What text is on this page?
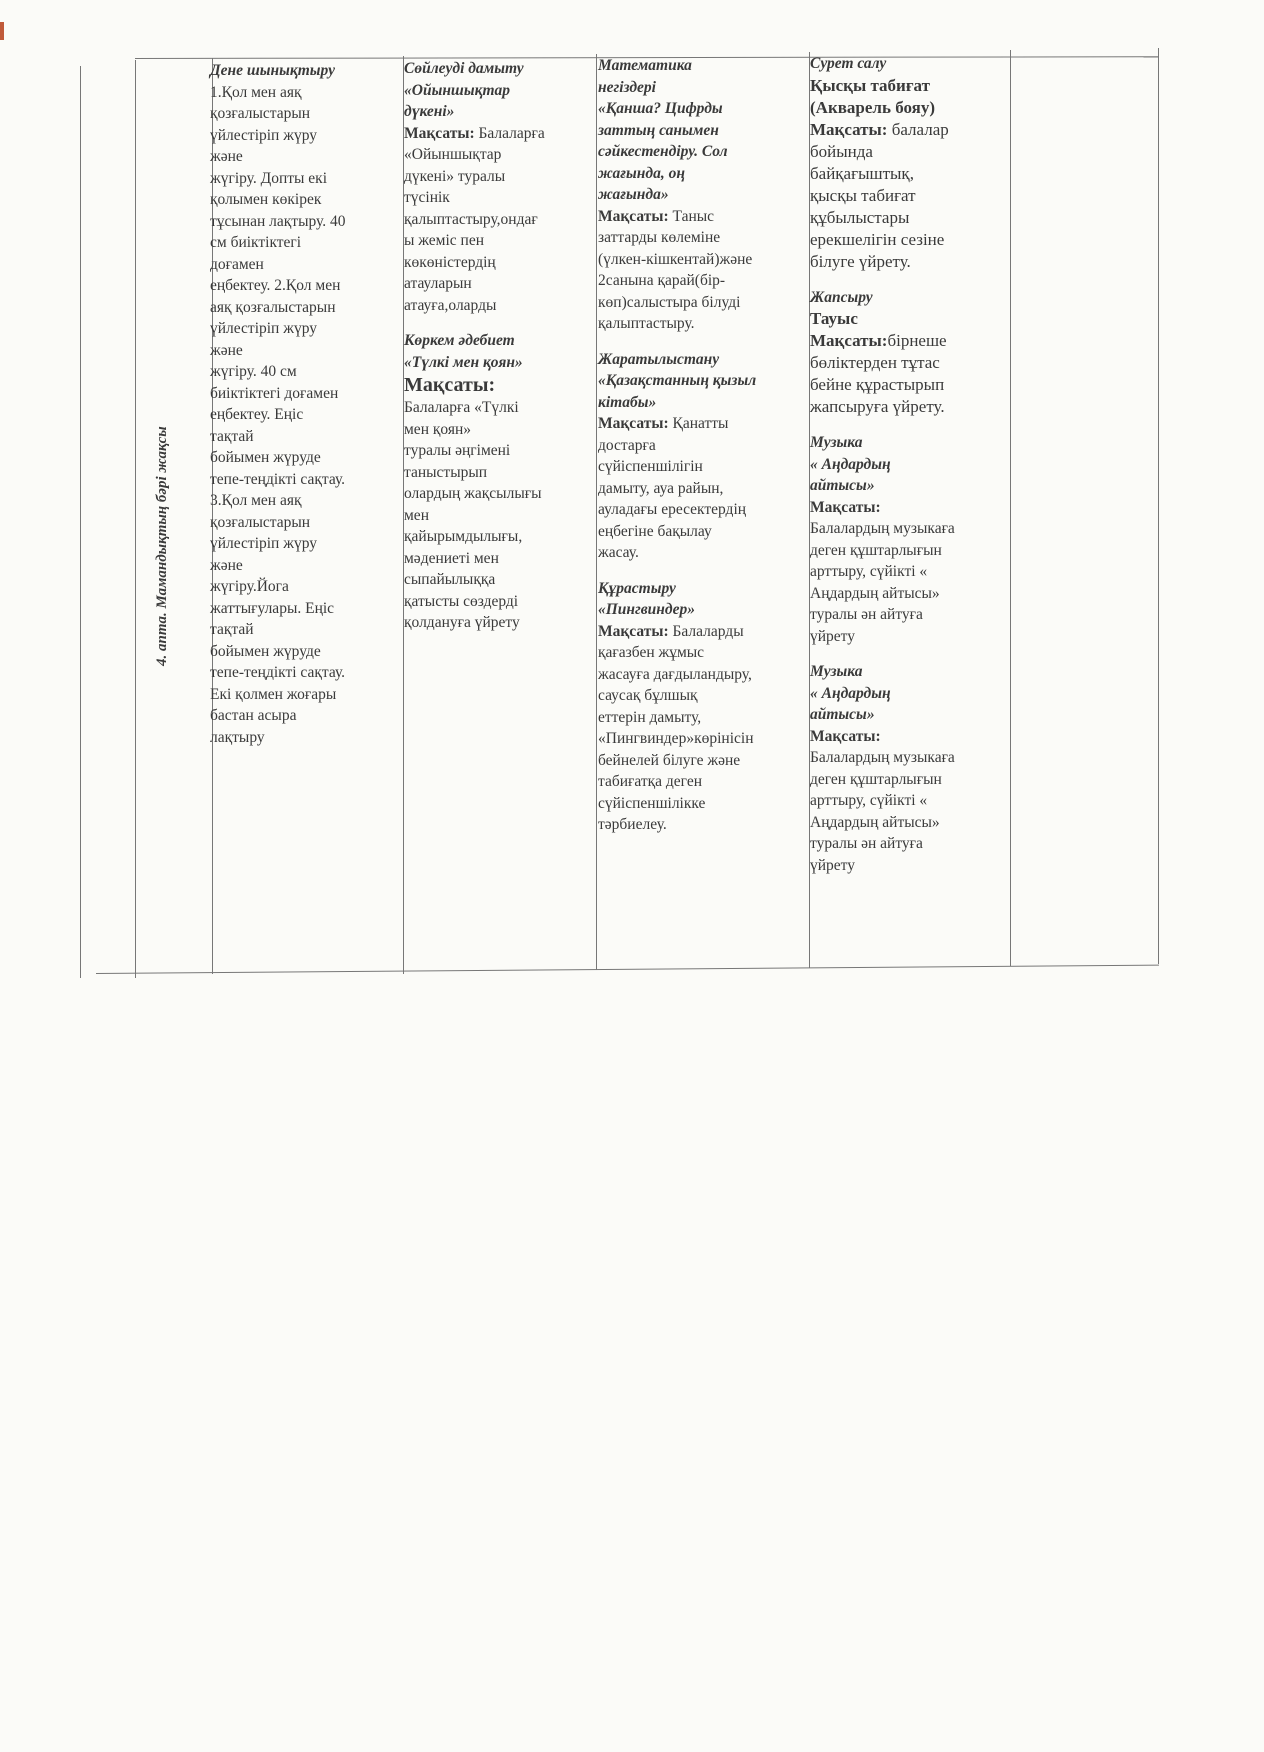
4. апта. Мамандықтың бәрі жақсы

Дене шынықтыру

1.Қол мен аяқ
қозғалыстарын
үйлестіріп жүру
және
жүгіру. Допты екі
қолымен көкірек
тұсынан лақтыру. 40
см биіктіктегі
доғамен
еңбектеу. 2.Қол мен
аяқ қозғалыстарын
үйлестіріп жүру
және
жүгіру. 40 см
биіктіктегі доғамен
еңбектеу. Еңіс
тақтай
бойымен жүруде
тепе-теңдікті сақтау.
3.Қол мен аяқ
қозғалыстарын
үйлестіріп жүру
және
жүгіру.Йога
жаттығулары. Еңіс
тақтай
бойымен жүруде
тепе-теңдікті сақтау.
Екі қолмен жоғары
бастан асыра
лақтыру

Сөйлеуді дамыту
«Ойыншықтар
дүкені»

Мақсаты: Балаларға
«Ойыншықтар
дүкені» туралы
түсінік
қалыптастыру,ондағ
ы жеміс пен
көкөністердің
атауларын
атауға,оларды

Көркем әдебиет
«Түлкі мен қоян»

Мақсаты:

Балаларға «Түлкі
мен қоян»
туралы әңгімені
таныстырып
олардың жақсылығы
мен
қайырымдылығы,
мәдениеті мен
сыпайылыққа
қатысты сөздерді
қолдануға үйрету

Математика
негіздері
«Қанша? Цифрды
заттың санымен
сәйкестендіру. Сол
жағында, оң
жағында»

Мақсаты: Таныс
заттарды көлеміне
(үлкен-кішкентай)және
2санына қарай(бір-
көп)салыстыра білуді
қалыптастыру.

Жаратылыстану
«Қазақстанның қызыл
кітабы»

Мақсаты: Қанатты
достарға
сүйіспеншілігін
дамыту, ауа райын,
ауладағы ересектердің
еңбегіне бақылау
жасау.

Құрастыру
«Пингвиндер»

Мақсаты: Балаларды
қағазбен жұмыс
жасауға дағдыландыру,
саусақ бұлшық
еттерін дамыту,
«Пингвиндер»көрінісін
бейнелей білуге және
табиғатқа деген
сүйіспеншілікке
тәрбиелеу.

Сурет салу

Қысқы табиғат
(Акварель бояу)

Мақсаты: балалар
бойында
байқағыштық,
қысқы табиғат
құбылыстары
ерекшелігін сезіне
білуге үйрету.

Жапсыру

Тауыс

Мақсаты:бірнеше
бөліктерден тұтас
бейне құрастырып
жапсыруға үйрету.

Музыка
« Аңдардың
айтысы»

Мақсаты:
Балалардың музыкаға
деген құштарлығын
арттыру, сүйікті «
Аңдардың айтысы»
туралы ән айтуға
үйрету

Музыка
« Аңдардың
айтысы»

Мақсаты:
Балалардың музыкаға
деген құштарлығын
арттыру, сүйікті «
Аңдардың айтысы»
туралы ән айтуға
үйрету
